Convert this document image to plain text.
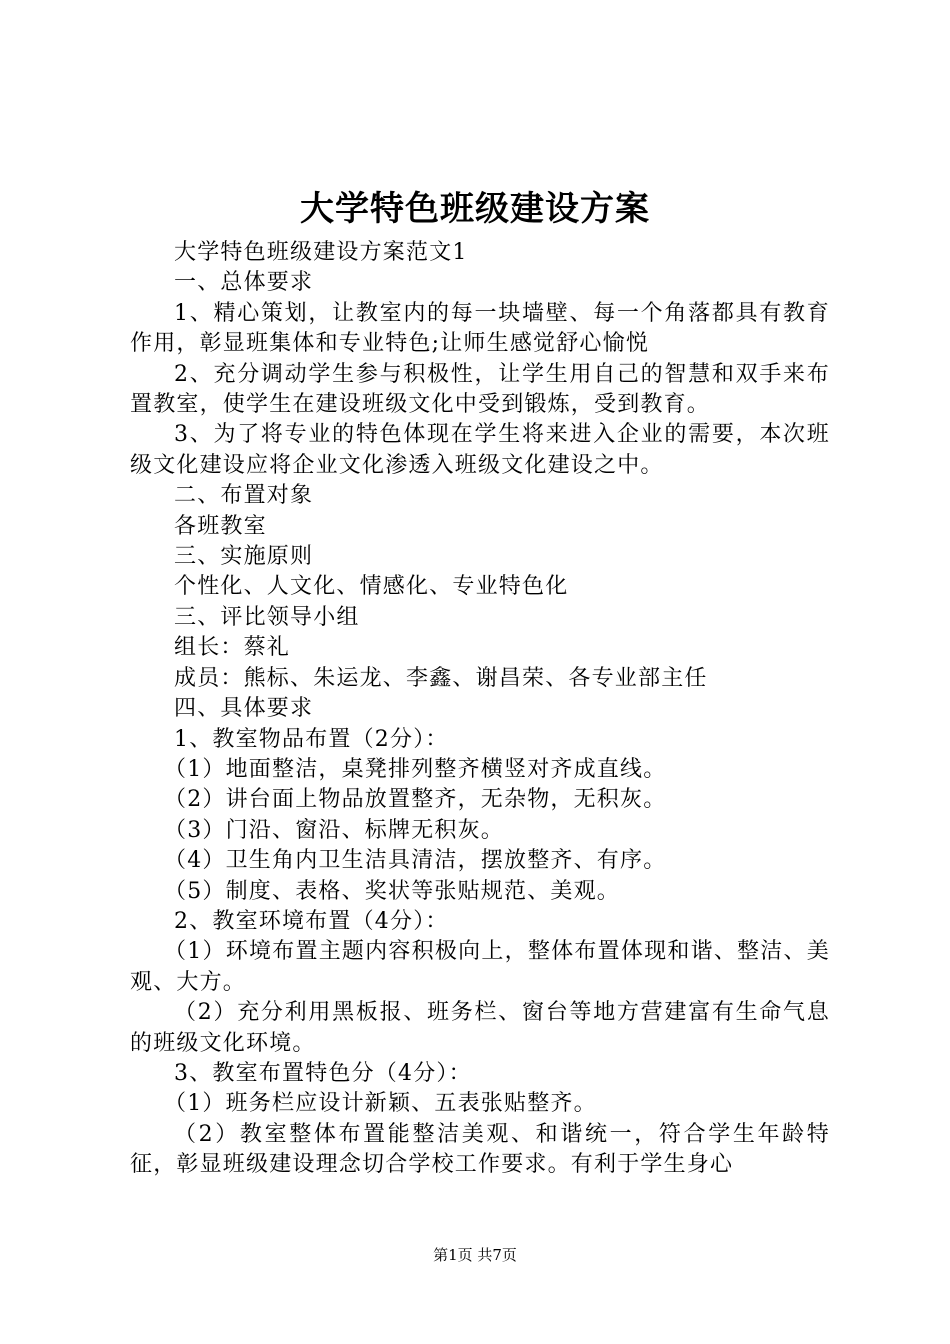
大学特色班级建设方案

大学特色班级建设方案范文1

一、总体要求

1、精心策划，让教室内的每一块墙壁、每一个角落都具有教育作用，彰显班集体和专业特色;让师生感觉舒心愉悦

2、充分调动学生参与积极性，让学生用自己的智慧和双手来布置教室，使学生在建设班级文化中受到锻炼，受到教育。

3、为了将专业的特色体现在学生将来进入企业的需要，本次班级文化建设应将企业文化渗透入班级文化建设之中。

二、布置对象

各班教室

三、实施原则

个性化、人文化、情感化、专业特色化

三、评比领导小组

组长：蔡礼

成员：熊标、朱运龙、李鑫、谢昌荣、各专业部主任

四、具体要求

1、教室物品布置（2分）：

（1）地面整洁，桌凳排列整齐横竖对齐成直线。

（2）讲台面上物品放置整齐，无杂物，无积灰。

（3）门沿、窗沿、标牌无积灰。

（4）卫生角内卫生洁具清洁，摆放整齐、有序。

（5）制度、表格、奖状等张贴规范、美观。

2、教室环境布置（4分）：

（1）环境布置主题内容积极向上，整体布置体现和谐、整洁、美观、大方。

（2）充分利用黑板报、班务栏、窗台等地方营建富有生命气息的班级文化环境。

3、教室布置特色分（4分）：

（1）班务栏应设计新颖、五表张贴整齐。

（2）教室整体布置能整洁美观、和谐统一，符合学生年龄特征，彰显班级建设理念切合学校工作要求。有利于学生身心

第1页 共7页
